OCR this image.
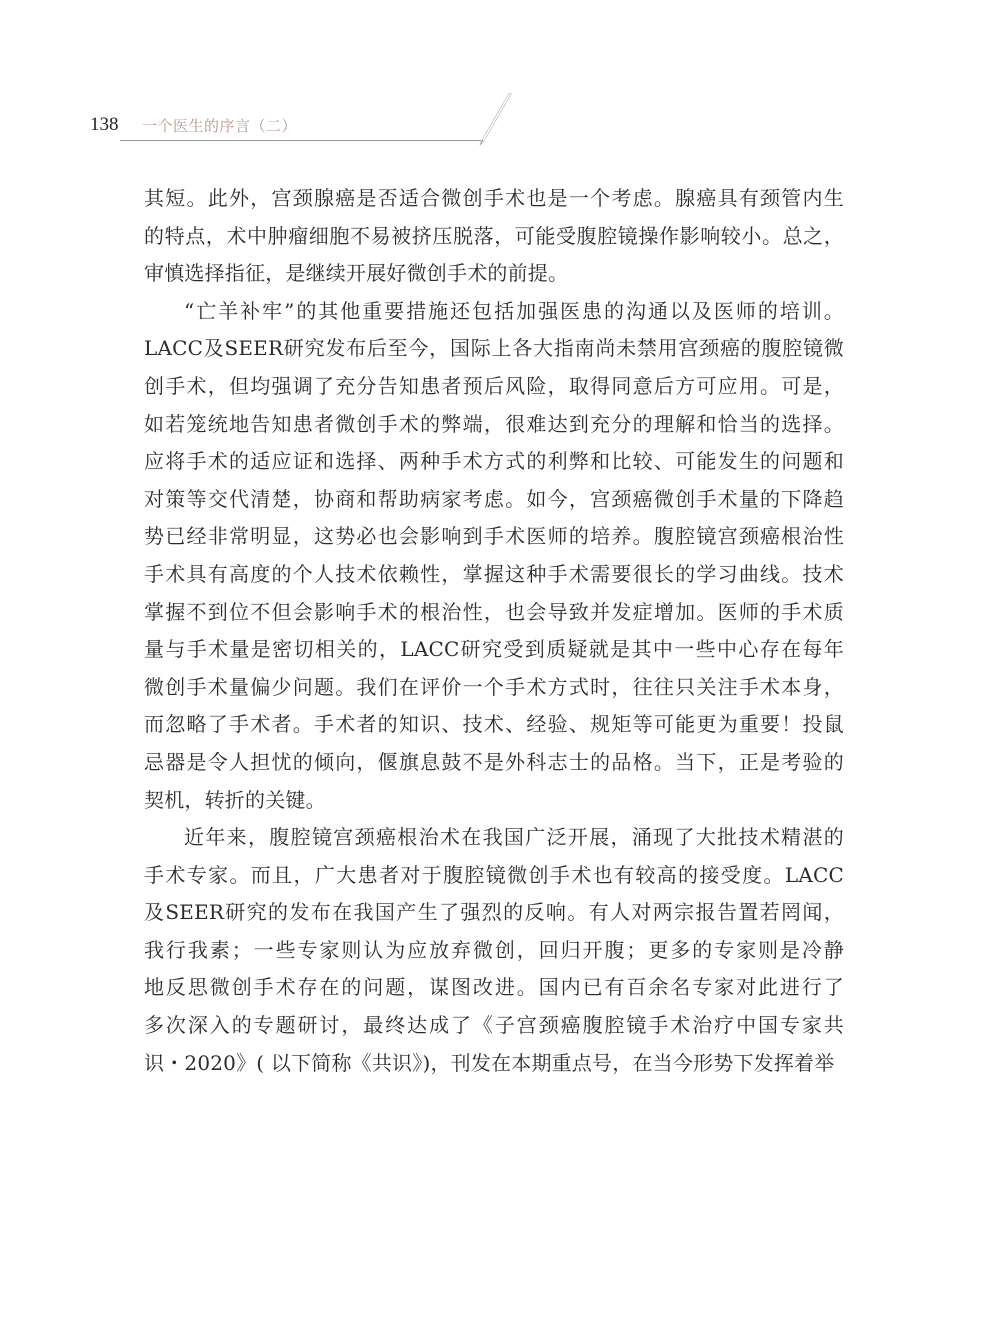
138 一个医生的序言（二）
其短。此外，宫颈腺癌是否适合微创手术也是一个考虑。腺癌具有颈管内生
的特点，术中肿瘤细胞不易被挤压脱落，可能受腹腔镜操作影响较小。总之，
审慎选择指征，是继续开展好微创手术的前提。
“亡羊补牢”的其他重要措施还包括加强医患的沟通以及医师的培训。
LACC及SEER研究发布后至今，国际上各大指南尚未禁用宫颈癌的腹腔镜微
创手术，但均强调了充分告知患者预后风险，取得同意后方可应用。可是，
如若笼统地告知患者微创手术的弊端，很难达到充分的理解和恰当的选择。
应将手术的适应证和选择、两种手术方式的利弊和比较、可能发生的问题和
对策等交代清楚，协商和帮助病家考虑。如今，宫颈癌微创手术量的下降趋
势已经非常明显，这势必也会影响到手术医师的培养。腹腔镜宫颈癌根治性
手术具有高度的个人技术依赖性，掌握这种手术需要很长的学习曲线。技术
掌握不到位不但会影响手术的根治性，也会导致并发症增加。医师的手术质
量与手术量是密切相关的，LACC研究受到质疑就是其中一些中心存在每年
微创手术量偏少问题。我们在评价一个手术方式时，往往只关注手术本身，
而忽略了手术者。手术者的知识、技术、经验、规矩等可能更为重要！投鼠
忌器是令人担忧的倾向，偃旗息鼓不是外科志士的品格。当下，正是考验的
契机，转折的关键。
近年来，腹腔镜宫颈癌根治术在我国广泛开展，涌现了大批技术精湛的
手术专家。而且，广大患者对于腹腔镜微创手术也有较高的接受度。LACC
及SEER研究的发布在我国产生了强烈的反响。有人对两宗报告置若罔闻，
我行我素；一些专家则认为应放弃微创，回归开腹；更多的专家则是冷静
地反思微创手术存在的问题，谋图改进。国内已有百余名专家对此进行了
多次深入的专题研讨，最终达成了《子宫颈癌腹腔镜手术治疗中国专家共
识・2020》( 以下简称《共识》)，刊发在本期重点号，在当今形势下发挥着举
